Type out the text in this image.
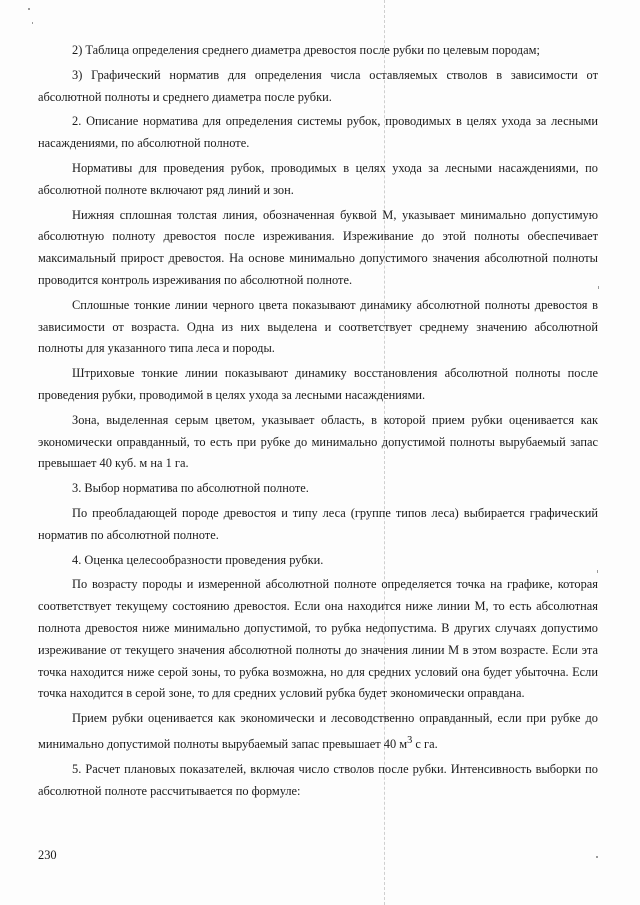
2) Таблица определения среднего диаметра древостоя после рубки по целевым породам;

3) Графический норматив для определения числа оставляемых стволов в зависимости от абсолютной полноты и среднего диаметра после рубки.

2. Описание норматива для определения системы рубок, проводимых в целях ухода за лесными насаждениями, по абсолютной полноте.

Нормативы для проведения рубок, проводимых в целях ухода за лесными насаждениями, по абсолютной полноте включают ряд линий и зон.

Нижняя сплошная толстая линия, обозначенная буквой М, указывает минимально допустимую абсолютную полноту древостоя после изреживания. Изреживание до этой полноты обеспечивает максимальный прирост древостоя. На основе минимально допустимого значения абсолютной полноты проводится контроль изреживания по абсолютной полноте.

Сплошные тонкие линии черного цвета показывают динамику абсолютной полноты древостоя в зависимости от возраста. Одна из них выделена и соответствует среднему значению абсолютной полноты для указанного типа леса и породы.

Штриховые тонкие линии показывают динамику восстановления абсолютной полноты после проведения рубки, проводимой в целях ухода за лесными насаждениями.

Зона, выделенная серым цветом, указывает область, в которой прием рубки оценивается как экономически оправданный, то есть при рубке до минимально допустимой полноты вырубаемый запас превышает 40 куб. м на 1 га.

3. Выбор норматива по абсолютной полноте.

По преобладающей породе древостоя и типу леса (группе типов леса) выбирается графический норматив по абсолютной полноте.

4. Оценка целесообразности проведения рубки.

По возрасту породы и измеренной абсолютной полноте определяется точка на графике, которая соответствует текущему состоянию древостоя. Если она находится ниже линии М, то есть абсолютная полнота древостоя ниже минимально допустимой, то рубка недопустима. В других случаях допустимо изреживание от текущего значения абсолютной полноты до значения линии М в этом возрасте. Если эта точка находится ниже серой зоны, то рубка возможна, но для средних условий она будет убыточна. Если точка находится в серой зоне, то для средних условий рубка будет экономически оправдана.

Прием рубки оценивается как экономически и лесоводственно оправданный, если при рубке до минимально допустимой полноты вырубаемый запас превышает 40 $м^3$ с га.

5. Расчет плановых показателей, включая число стволов после рубки. Интенсивность выборки по абсолютной полноте рассчитывается по формуле:

230
